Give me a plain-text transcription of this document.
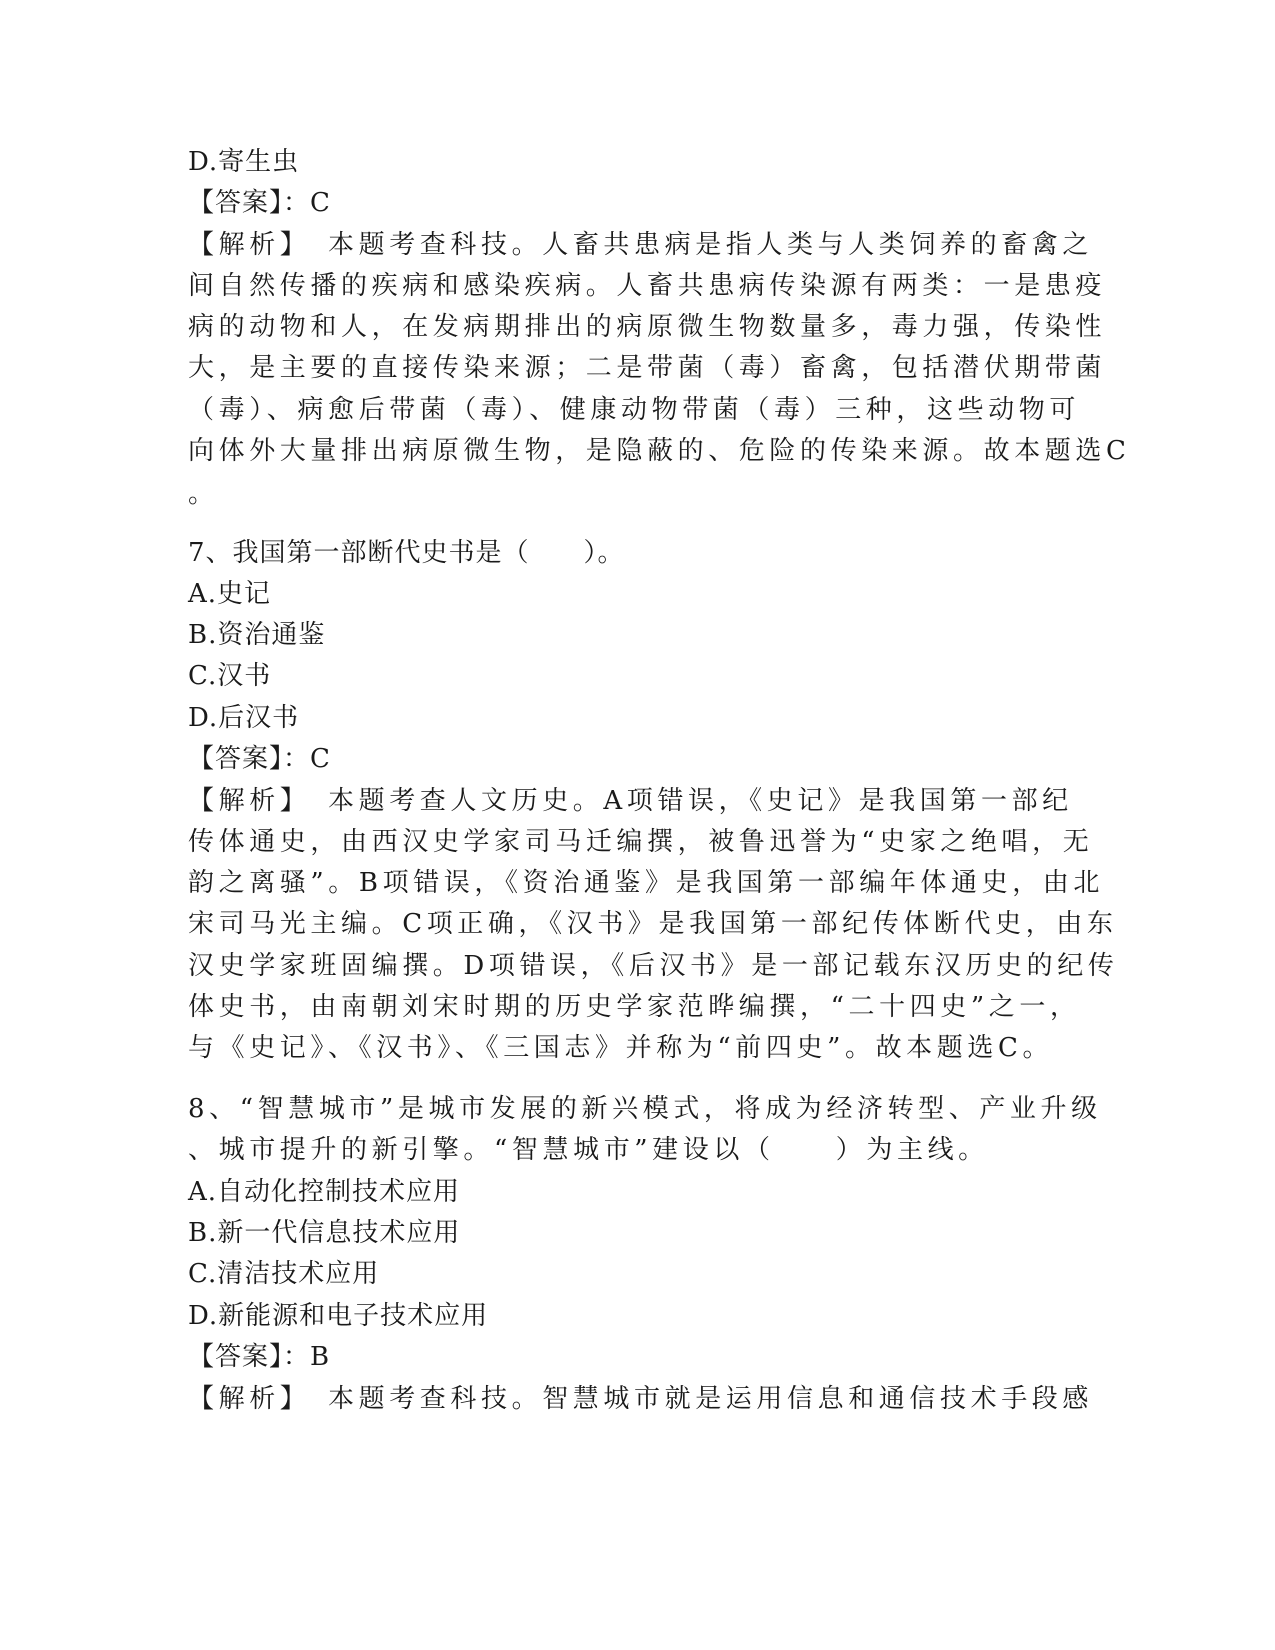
D.寄生虫
【答案】：C
【解析】　本题考查科技。人畜共患病是指人类与人类饲养的畜禽之
间自然传播的疾病和感染疾病。人畜共患病传染源有两类：一是患疫
病的动物和人，在发病期排出的病原微生物数量多，毒力强，传染性
大，是主要的直接传染来源；二是带菌（毒）畜禽，包括潜伏期带菌
（毒）、病愈后带菌（毒）、健康动物带菌（毒）三种，这些动物可
向体外大量排出病原微生物，是隐蔽的、危险的传染来源。故本题选C
。
7、我国第一部断代史书是（　　）。
A.史记
B.资治通鉴
C.汉书
D.后汉书
【答案】：C
【解析】　本题考查人文历史。A项错误，《史记》是我国第一部纪
传体通史，由西汉史学家司马迁编撰，被鲁迅誉为“史家之绝唱，无
韵之离骚”。B项错误，《资治通鉴》是我国第一部编年体通史，由北
宋司马光主编。C项正确，《汉书》是我国第一部纪传体断代史，由东
汉史学家班固编撰。D项错误，《后汉书》是一部记载东汉历史的纪传
体史书，由南朝刘宋时期的历史学家范晔编撰，“二十四史”之一，
与《史记》、《汉书》、《三国志》并称为“前四史”。故本题选C。
8、“智慧城市”是城市发展的新兴模式，将成为经济转型、产业升级
、城市提升的新引擎。“智慧城市”建设以（　　）为主线。
A.自动化控制技术应用
B.新一代信息技术应用
C.清洁技术应用
D.新能源和电子技术应用
【答案】：B
【解析】　本题考查科技。智慧城市就是运用信息和通信技术手段感
